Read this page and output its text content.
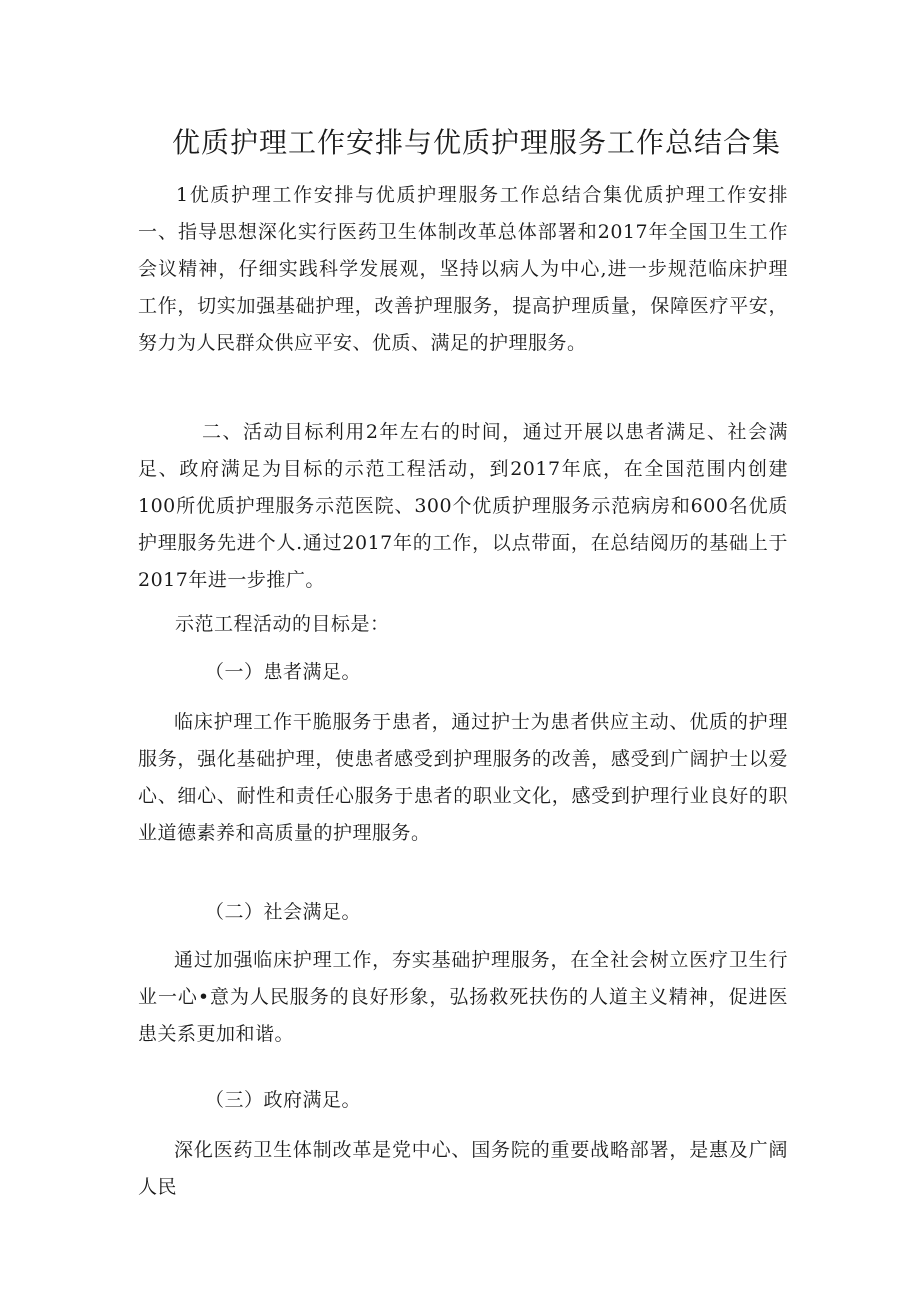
优质护理工作安排与优质护理服务工作总结合集

1优质护理工作安排与优质护理服务工作总结合集优质护理工作安排一、指导思想深化实行医药卫生体制改革总体部署和2017年全国卫生工作会议精神，仔细实践科学发展观，坚持以病人为中心,进一步规范临床护理工作，切实加强基础护理，改善护理服务，提高护理质量，保障医疗平安，努力为人民群众供应平安、优质、满足的护理服务。

二、活动目标利用2年左右的时间，通过开展以患者满足、社会满足、政府满足为目标的示范工程活动，到2017年底，在全国范围内创建100所优质护理服务示范医院、300个优质护理服务示范病房和600名优质护理服务先进个人.通过2017年的工作，以点带面，在总结阅历的基础上于2017年进一步推广。

示范工程活动的目标是：

（一）患者满足。

临床护理工作干脆服务于患者，通过护士为患者供应主动、优质的护理服务，强化基础护理，使患者感受到护理服务的改善，感受到广阔护士以爱心、细心、耐性和责任心服务于患者的职业文化，感受到护理行业良好的职业道德素养和高质量的护理服务。

（二）社会满足。

通过加强临床护理工作，夯实基础护理服务，在全社会树立医疗卫生行业一心•意为人民服务的良好形象，弘扬救死扶伤的人道主义精神，促进医患关系更加和谐。

（三）政府满足。

深化医药卫生体制改革是党中心、国务院的重要战略部署，是惠及广阔人民
